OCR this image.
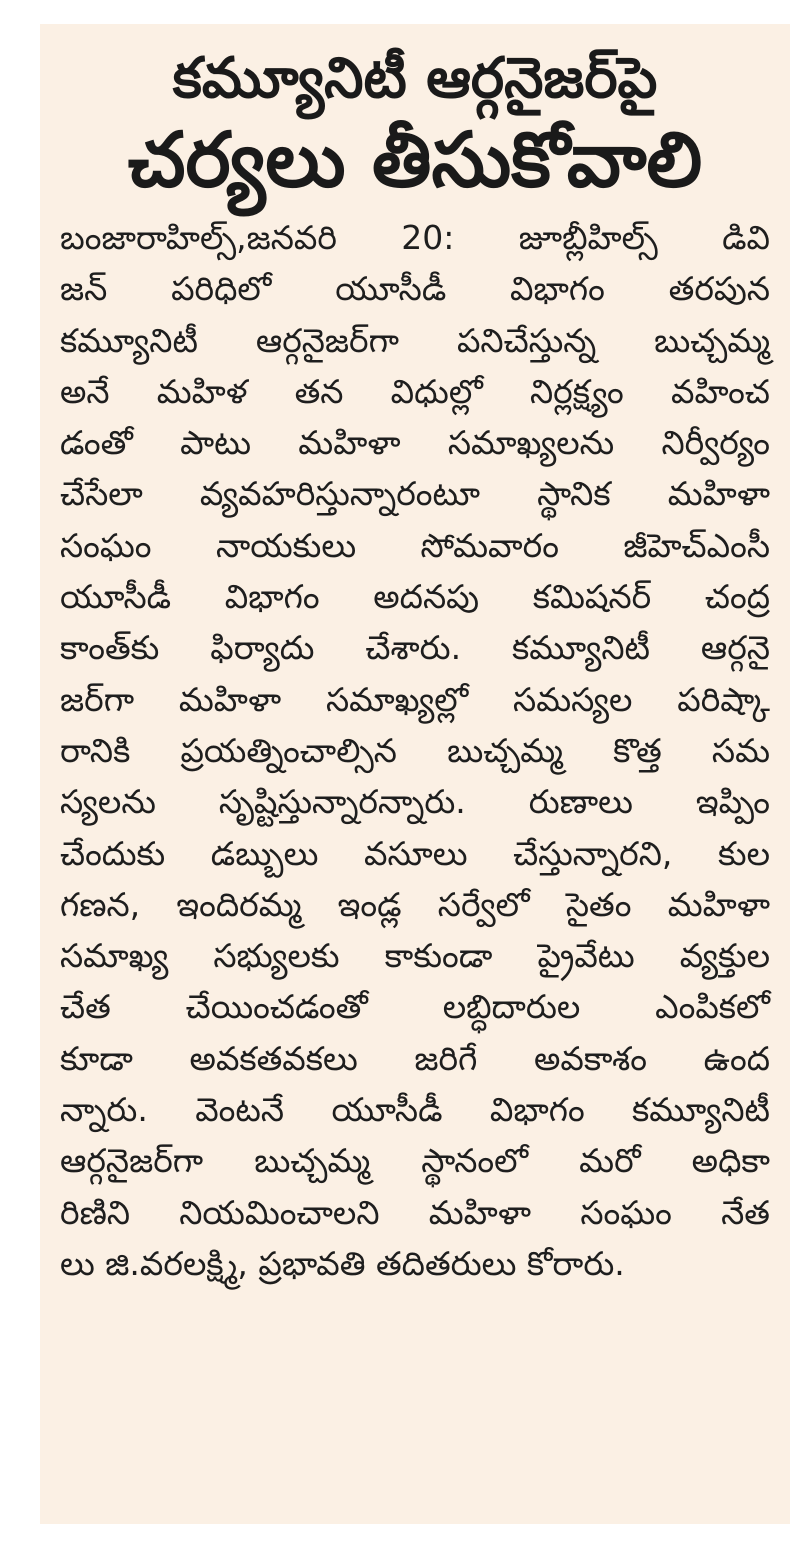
కమ్యూనిటీ ఆర్గనైజర్‌పై
చర్యలు తీసుకోవాలి
బంజారాహిల్స్,జనవరి 20: జూబ్లీహిల్స్ డివి
జన్ పరిధిలో యూసీడీ విభాగం తరపున
కమ్యూనిటీ ఆర్గనైజర్‌గా పనిచేస్తున్న బుచ్చమ్మ
అనే మహిళ తన విధుల్లో నిర్లక్ష్యం వహించ
డంతో పాటు మహిళా సమాఖ్యలను నిర్వీర్యం
చేసేలా వ్యవహరిస్తున్నారంటూ స్థానిక మహిళా
సంఘం నాయకులు సోమవారం జీహెచ్ఎంసీ
యూసీడీ విభాగం అదనపు కమిషనర్ చంద్ర
కాంత్‌కు ఫిర్యాదు చేశారు. కమ్యూనిటీ ఆర్గనై
జర్‌గా మహిళా సమాఖ్యల్లో సమస్యల పరిష్కా
రానికి ప్రయత్నించాల్సిన బుచ్చమ్మ కొత్త సమ
స్యలను సృష్టిస్తున్నారన్నారు. రుణాలు ఇప్పిం
చేందుకు డబ్బులు వసూలు చేస్తున్నారని, కుల
గణన, ఇందిరమ్మ ఇండ్ల సర్వేలో సైతం మహిళా
సమాఖ్య సభ్యులకు కాకుండా ప్రైవేటు వ్యక్తుల
చేత చేయించడంతో లబ్ధిదారుల ఎంపికలో
కూడా అవకతవకలు జరిగే అవకాశం ఉంద
న్నారు. వెంటనే యూసీడీ విభాగం కమ్యూనిటీ
ఆర్గనైజర్‌గా బుచ్చమ్మ స్థానంలో మరో అధికా
రిణిని నియమించాలని మహిళా సంఘం నేత
లు జి.వరలక్ష్మి, ప్రభావతి తదితరులు కోరారు.
